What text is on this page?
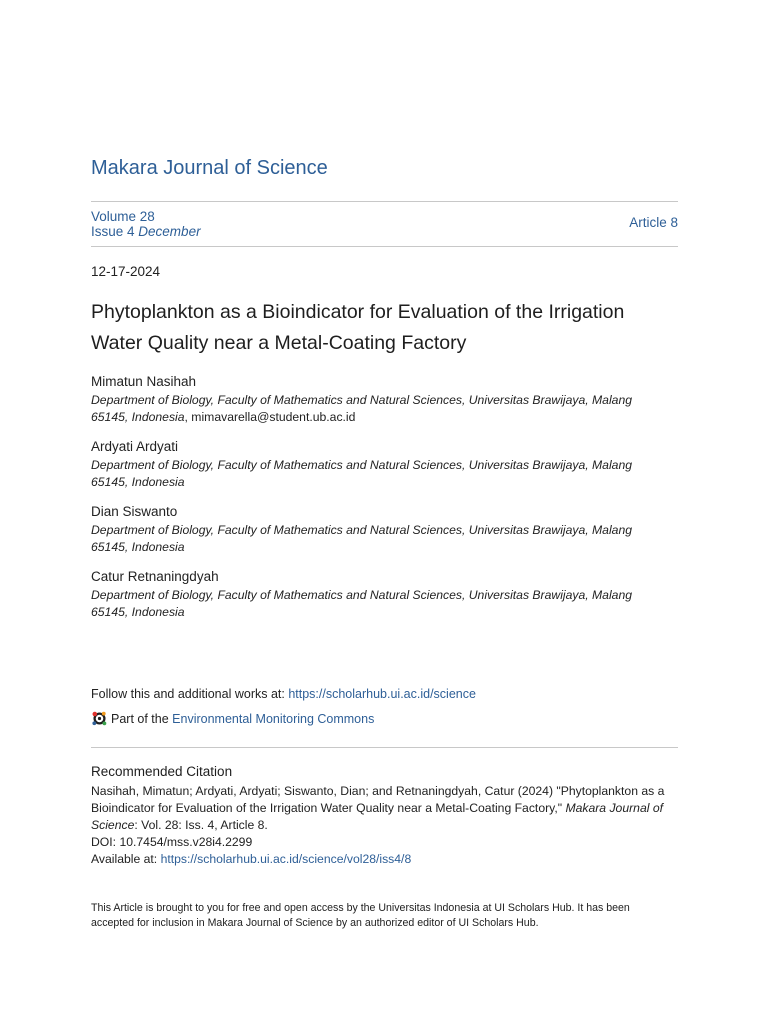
Makara Journal of Science
Volume 28
Issue 4 December
Article 8
12-17-2024
Phytoplankton as a Bioindicator for Evaluation of the Irrigation
Water Quality near a Metal-Coating Factory
Mimatun Nasihah
Department of Biology, Faculty of Mathematics and Natural Sciences, Universitas Brawijaya, Malang
65145, Indonesia, mimavarella@student.ub.ac.id
Ardyati Ardyati
Department of Biology, Faculty of Mathematics and Natural Sciences, Universitas Brawijaya, Malang
65145, Indonesia
Dian Siswanto
Department of Biology, Faculty of Mathematics and Natural Sciences, Universitas Brawijaya, Malang
65145, Indonesia
Catur Retnaningdyah
Department of Biology, Faculty of Mathematics and Natural Sciences, Universitas Brawijaya, Malang
65145, Indonesia
Follow this and additional works at: https://scholarhub.ui.ac.id/science
Part of the
Environmental Monitoring Commons
Recommended Citation
Nasihah, Mimatun; Ardyati, Ardyati; Siswanto, Dian; and Retnaningdyah, Catur (2024) "Phytoplankton as a
Bioindicator for Evaluation of the Irrigation Water Quality near a Metal-Coating Factory," Makara Journal of
Science: Vol. 28: Iss. 4, Article 8.
DOI: 10.7454/mss.v28i4.2299
Available at: https://scholarhub.ui.ac.id/science/vol28/iss4/8
This Article is brought to you for free and open access by the Universitas Indonesia at UI Scholars Hub. It has been
accepted for inclusion in Makara Journal of Science by an authorized editor of UI Scholars Hub.
